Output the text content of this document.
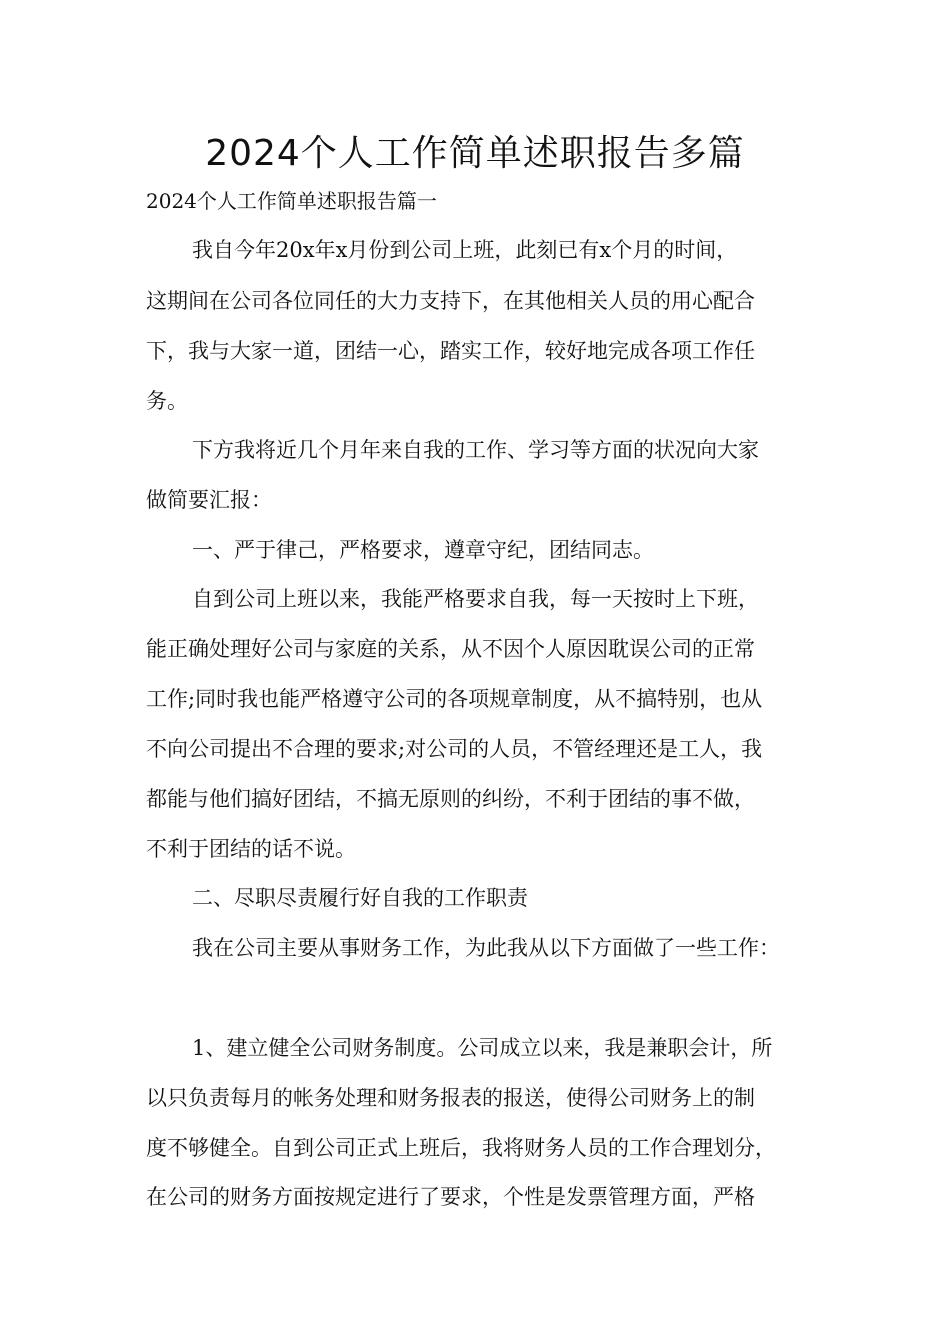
2024个人工作简单述职报告多篇
2024个人工作简单述职报告篇一
我自今年20x年x月份到公司上班，此刻已有x个月的时间，
这期间在公司各位同任的大力支持下，在其他相关人员的用心配合
下，我与大家一道，团结一心，踏实工作，较好地完成各项工作任
务。
下方我将近几个月年来自我的工作、学习等方面的状况向大家
做简要汇报：
一、严于律己，严格要求，遵章守纪，团结同志。
自到公司上班以来，我能严格要求自我，每一天按时上下班，
能正确处理好公司与家庭的关系，从不因个人原因耽误公司的正常
工作;同时我也能严格遵守公司的各项规章制度，从不搞特别，也从
不向公司提出不合理的要求;对公司的人员，不管经理还是工人，我
都能与他们搞好团结，不搞无原则的纠纷，不利于团结的事不做，
不利于团结的话不说。
二、尽职尽责履行好自我的工作职责
我在公司主要从事财务工作，为此我从以下方面做了一些工作：
1、建立健全公司财务制度。公司成立以来，我是兼职会计，所
以只负责每月的帐务处理和财务报表的报送，使得公司财务上的制
度不够健全。自到公司正式上班后，我将财务人员的工作合理划分，
在公司的财务方面按规定进行了要求，个性是发票管理方面，严格
